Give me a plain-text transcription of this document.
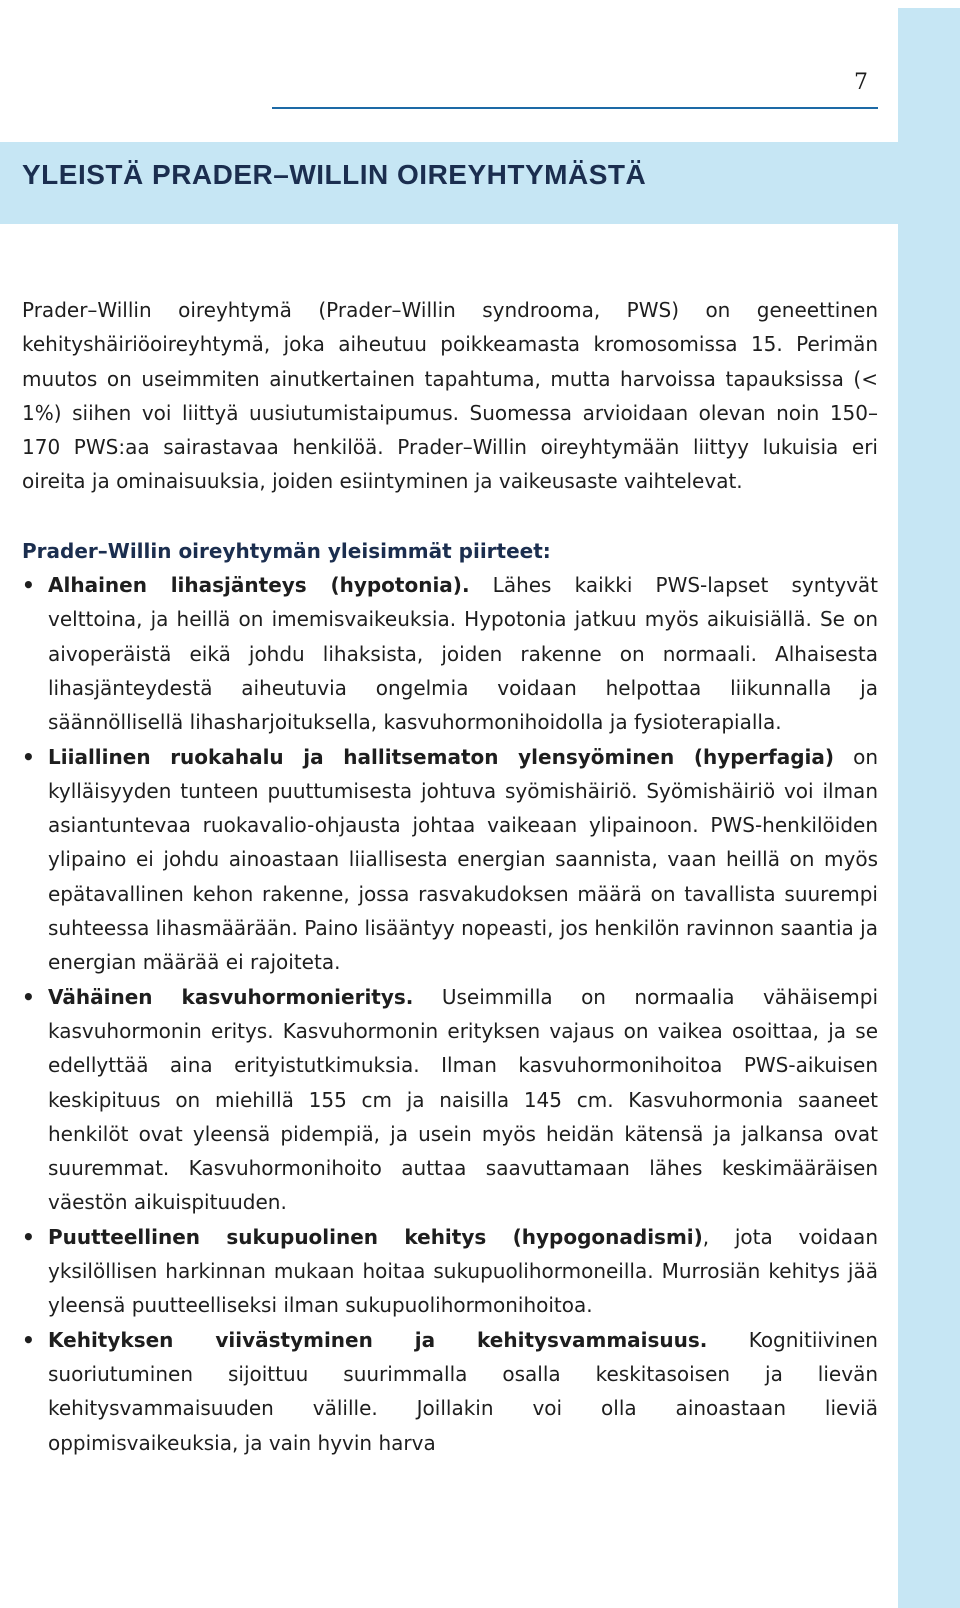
7
YLEISTÄ PRADER–WILLIN OIREYHTYMÄSTÄ

Prader–Willin oireyhtymä (Prader–Willin syndrooma, PWS) on geneettinen kehityshäiriöoireyhtymä, joka aiheutuu poikkeamasta kromosomissa 15. Perimän muutos on useimmiten ainutkertainen tapahtuma, mutta harvoissa tapauksissa (< 1%) siihen voi liittyä uusiutumistaipumus. Suomessa arvioidaan olevan noin 150–170 PWS:aa sairastavaa henkilöä. Prader–Willin oireyhtymään liittyy lukuisia eri oireita ja ominaisuuksia, joiden esiintyminen ja vaikeusaste vaihtelevat.

Prader–Willin oireyhtymän yleisimmät piirteet:
• Alhainen lihasjänteys (hypotonia). Lähes kaikki PWS-lapset syntyvät velttoina, ja heillä on imemisvaikeuksia. Hypotonia jatkuu myös aikuisiällä. Se on aivoperäistä eikä johdu lihaksista, joiden rakenne on normaali. Alhaisesta lihasjänteydestä aiheutuvia ongelmia voidaan helpottaa liikunnalla ja säännöllisellä lihasharjoituksella, kasvuhormonihoidolla ja fysioterapialla.
• Liiallinen ruokahalu ja hallitsematon ylensyöminen (hyperfagia) on kylläisyyden tunteen puuttumisesta johtuva syömishäiriö. Syömishäiriö voi ilman asiantuntevaa ruokavalio-ohjausta johtaa vaikeaan ylipainoon. PWS-henkilöiden ylipaino ei johdu ainoastaan liiallisesta energian saannista, vaan heillä on myös epätavallinen kehon rakenne, jossa rasvakudoksen määrä on tavallista suurempi suhteessa lihasmäärään. Paino lisääntyy nopeasti, jos henkilön ravinnon saantia ja energian määrää ei rajoiteta.
• Vähäinen kasvuhormonieritys. Useimmilla on normaalia vähäisempi kasvuhormonin eritys. Kasvuhormonin erityksen vajaus on vaikea osoittaa, ja se edellyttää aina erityistutkimuksia. Ilman kasvuhormonihoitoa PWS-aikuisen keskipituus on miehillä 155 cm ja naisilla 145 cm. Kasvuhormonia saaneet henkilöt ovat yleensä pidempiä, ja usein myös heidän kätensä ja jalkansa ovat suuremmat. Kasvuhormonihoito auttaa saavuttamaan lähes keskimääräisen väestön aikuispituuden.
• Puutteellinen sukupuolinen kehitys (hypogonadismi), jota voidaan yksilöllisen harkinnan mukaan hoitaa sukupuolihormoneilla. Murrosiän kehitys jää yleensä puutteelliseksi ilman sukupuolihormonihoitoa.
• Kehityksen viivästyminen ja kehitysvammaisuus. Kognitiivinen suoriutuminen sijoittuu suurimmalla osalla keskitasoisen ja lievän kehitysvammaisuuden välille. Joillakin voi olla ainoastaan lieviä oppimisvaikeuksia, ja vain hyvin harva
